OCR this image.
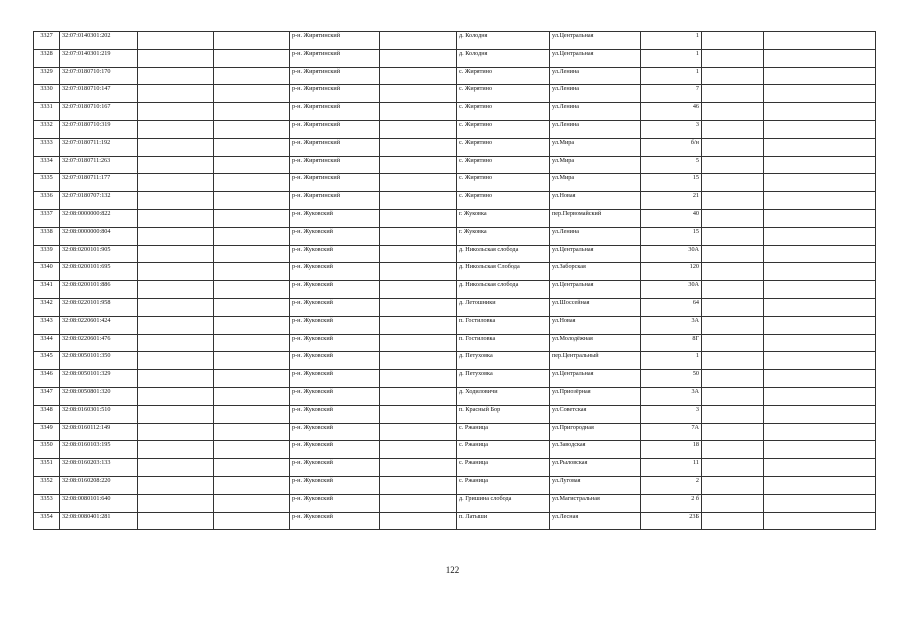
3327	32:07:0140301:202			р-н. Жирятинский		д. Колодня	ул.Центральная	1		
3328	32:07:0140301:219			р-н. Жирятинский		д. Колодня	ул.Центральная	1		
3329	32:07:0180710:170			р-н. Жирятинский		с. Жирятино	ул.Ленина	1		
3330	32:07:0180710:147			р-н. Жирятинский		с. Жирятино	ул.Ленина	7		
3331	32:07:0180710:167			р-н. Жирятинский		с. Жирятино	ул.Ленина	46		
3332	32:07:0180710:319			р-н. Жирятинский		с. Жирятино	ул.Ленина	3		
3333	32:07:0180711:192			р-н. Жирятинский		с. Жирятино	ул.Мира	б/н		
3334	32:07:0180711:263			р-н. Жирятинский		с. Жирятино	ул.Мира	5		
3335	32:07:0180711:177			р-н. Жирятинский		с. Жирятино	ул.Мира	15		
3336	32:07:0180707:132			р-н. Жирятинский		с. Жирятино	ул.Новая	21		
3337	32:08:0000000:822			р-н. Жуковский		г. Жуковка	пер.Первомайский	40		
3338	32:08:0000000:804			р-н. Жуковский		г. Жуковка	ул.Ленина	15		
3339	32:08:0200101:905			р-н. Жуковский		д. Никольская слобода	ул.Центральная	30А		
3340	32:08:0200101:695			р-н. Жуковский		д. Никольская Слобода	ул.Заборская	120		
3341	32:08:0200101:886			р-н. Жуковский		д. Никольская слобода	ул.Центральная	30А		
3342	32:08:0220101:958			р-н. Жуковский		д. Летошники	ул.Шоссейная	64		
3343	32:08:0220601:424			р-н. Жуковский		п. Гостиловка	ул.Новая	3А		
3344	32:08:0220601:476			р-н. Жуковский		п. Гостиловка	ул.Молодёжная	8Г		
3345	32:08:0050101:350			р-н. Жуковский		д. Петуховка	пер.Центральный	1		
3346	32:08:0050101:329			р-н. Жуковский		д. Петуховка	ул.Центральная	50		
3347	32:08:0050801:320			р-н. Жуковский		д. Ходиловичи	ул.Приозёрная	3А		
3348	32:08:0160301:510			р-н. Жуковский		п. Красный Бор	ул.Советская	3		
3349	32:08:0160112:149			р-н. Жуковский		с. Ржаница	ул.Пригородная	7А		
3350	32:08:0160103:195			р-н. Жуковский		с. Ржаница	ул.Заводская	18		
3351	32:08:0160203:133			р-н. Жуковский		с. Ржаница	ул.Рыловская	11		
3352	32:08:0160208:220			р-н. Жуковский		с. Ржаница	ул.Луговая	2		
3353	32:08:0080101:640			р-н. Жуковский		д. Гришина слобода	ул.Магистральная	2 б		
3354	32:08:0080401:281			р-н. Жуковский		п. Латыши	ул.Лесная	23Б		
122
